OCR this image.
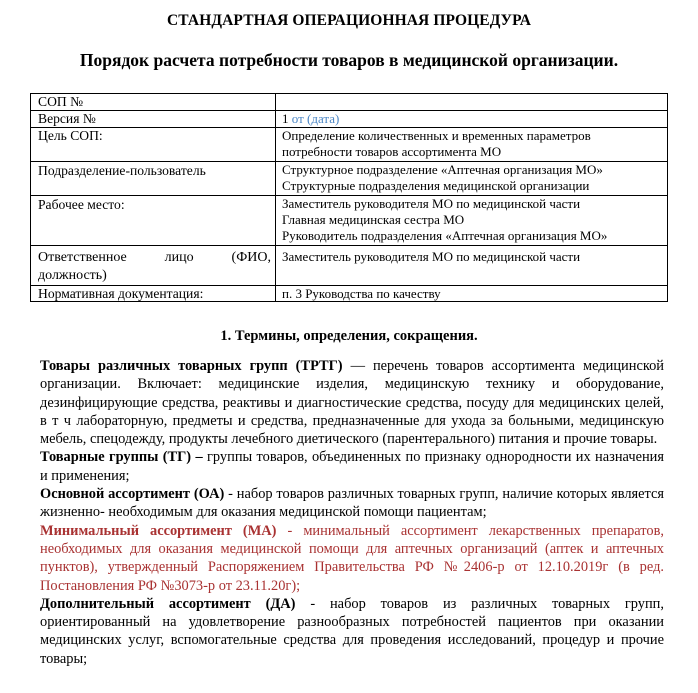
СТАНДАРТНАЯ ОПЕРАЦИОННАЯ ПРОЦЕДУРА
Порядок расчета потребности товаров в медицинской организации.
СОП №	
Версия №	1 от (дата)
Цель СОП:	Определение количественных и временных параметров
потребности товаров ассортимента МО

Подразделение-пользователь	Структурное подразделение «Аптечная организация МО»
Структурные подразделения медицинской организации

Рабочее место:	Заместитель руководителя МО по медицинской части
Главная медицинская сестра МО
Руководитель подразделения «Аптечная организация МО»

Ответственное лицо (ФИО,
должность)	Заместитель руководителя МО по медицинской части
Нормативная документация:	п. 3 Руководства по качеству
1. Термины, определения, сокращения.

Товары различных товарных групп (ТРТГ) — перечень товаров ассортимента медицинской организации. Включает: медицинские изделия, медицинскую технику и оборудование, дезинфицирующие средства, реактивы и диагностические средства, посуду для медицинских целей, в т ч лабораторную, предметы и средства, предназначенные для ухода за больными, медицинскую мебель, спецодежду, продукты лечебного диетического (парентерального) питания и прочие товары.

Товарные группы (ТГ) – группы товаров, объединенных по признаку однородности их назначения и применения;

Основной ассортимент (ОА) - набор товаров различных товарных групп, наличие которых является жизненно- необходимым для оказания медицинской помощи пациентам;

Минимальный ассортимент (МА) - минимальный ассортимент лекарственных препаратов, необходимых для оказания медицинской помощи для аптечных организаций (аптек и аптечных пунктов), утвержденный Распоряжением Правительства РФ №2406-р от 12.10.2019г (в ред. Постановления РФ №3073-р от 23.11.20г);

Дополнительный ассортимент (ДА) - набор товаров из различных товарных групп, ориентированный на удовлетворение разнообразных потребностей пациентов при оказании медицинских услуг, вспомогательные средства для проведения исследований, процедур и прочие товары;
